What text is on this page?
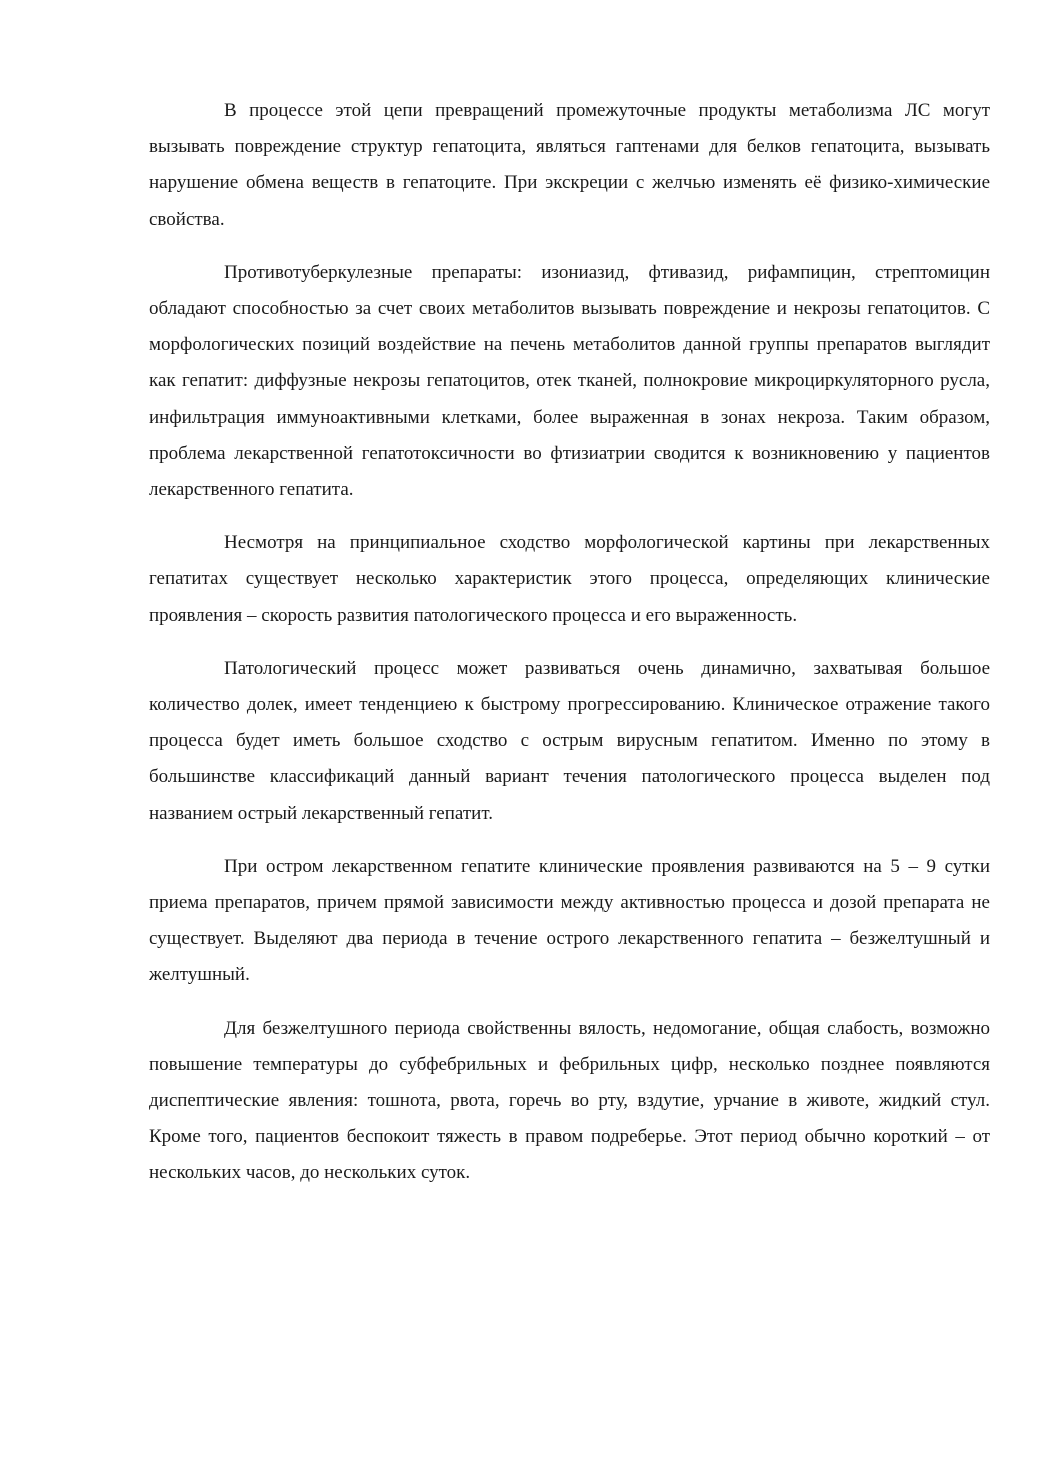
В процессе этой цепи превращений промежуточные продукты метаболизма ЛС могут вызывать повреждение структур гепатоцита, являться гаптенами для белков гепатоцита, вызывать нарушение обмена веществ в гепатоците. При экскреции с желчью изменять её физико-химические свойства.

Противотуберкулезные препараты: изониазид, фтивазид, рифампицин, стрептомицин обладают способностью за счет своих метаболитов вызывать повреждение и некрозы гепатоцитов. С морфологических позиций воздействие на печень метаболитов данной группы препаратов выглядит как гепатит: диффузные некрозы гепатоцитов, отек тканей, полнокровие микроциркуляторного русла, инфильтрация иммуноактивными клетками, более выраженная в зонах некроза. Таким образом, проблема лекарственной гепатотоксичности во фтизиатрии сводится к возникновению у пациентов лекарственного гепатита.

Несмотря на принципиальное сходство морфологической картины при лекарственных гепатитах существует несколько характеристик этого процесса, определяющих клинические проявления – скорость развития патологического процесса и его выраженность.

Патологический процесс может развиваться очень динамично, захватывая большое количество долек, имеет тенденциею к быстрому прогрессированию. Клиническое отражение такого процесса будет иметь большое сходство с острым вирусным гепатитом. Именно по этому в большинстве классификаций данный вариант течения патологического процесса выделен под названием острый лекарственный гепатит.

При остром лекарственном гепатите клинические проявления развиваются на 5 – 9 сутки приема препаратов, причем прямой зависимости между активностью процесса и дозой препарата не существует. Выделяют два периода в течение острого лекарственного гепатита – безжелтушный и желтушный.

Для безжелтушного периода свойственны вялость, недомогание, общая слабость, возможно повышение температуры до субфебрильных и фебрильных цифр, несколько позднее появляются диспептические явления: тошнота, рвота, горечь во рту, вздутие, урчание в животе, жидкий стул. Кроме того, пациентов беспокоит тяжесть в правом подреберье. Этот период обычно короткий – от нескольких часов, до нескольких суток.
